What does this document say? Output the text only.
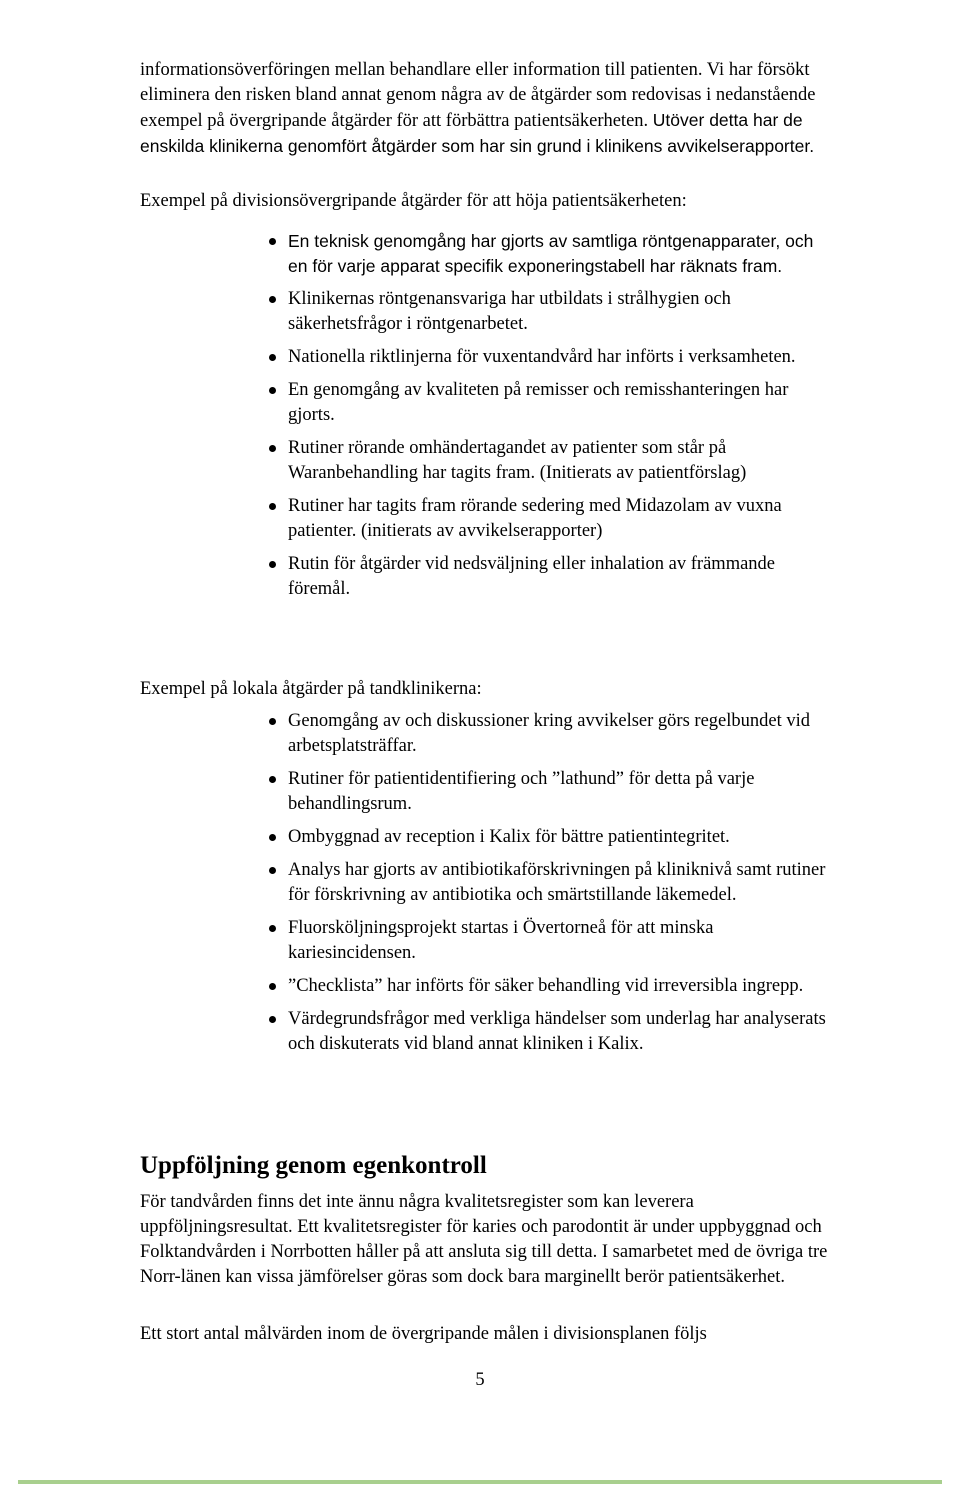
informationsöverföringen mellan behandlare eller information till patienten. Vi har försökt eliminera den risken bland annat genom några av de åtgärder som redovisas i nedanstående exempel på övergripande åtgärder för att förbättra patientsäkerheten. Utöver detta har de enskilda klinikerna genomfört åtgärder som har sin grund i klinikens avvikelserapporter.

Exempel på divisionsövergripande åtgärder för att höja patientsäkerheten:

En teknisk genomgång har gjorts av samtliga röntgenapparater, och en för varje apparat specifik exponeringstabell har räknats fram.
Klinikernas röntgenansvariga har utbildats i strålhygien och säkerhetsfrågor i röntgenarbetet.
Nationella riktlinjerna för vuxentandvård har införts i verksamheten.
En genomgång av kvaliteten på remisser och remisshanteringen har gjorts.
Rutiner rörande omhändertagandet av patienter som står på Waranbehandling har tagits fram. (Initierats av patientförslag)
Rutiner har tagits fram rörande sedering med Midazolam av vuxna patienter. (initierats av avvikelserapporter)
Rutin för åtgärder vid nedsväljning eller inhalation av främmande föremål.

Exempel på lokala åtgärder på tandklinikerna:

Genomgång av och diskussioner kring avvikelser görs regelbundet vid arbetsplatsträffar.
Rutiner för patientidentifiering och ”lathund” för detta på varje behandlingsrum.
Ombyggnad av reception i Kalix för bättre patientintegritet.
Analys har gjorts av antibiotikaförskrivningen på kliniknivå samt rutiner för förskrivning av antibiotika och smärtstillande läkemedel.
Fluorsköljningsprojekt startas i Övertorneå för att minska kariesincidensen.
”Checklista” har införts för säker behandling vid irreversibla ingrepp.
Värdegrundsfrågor med verkliga händelser som underlag har analyserats och diskuterats vid bland annat kliniken i Kalix.
Uppföljning genom egenkontroll

För tandvården finns det inte ännu några kvalitetsregister som kan leverera uppföljningsresultat. Ett kvalitetsregister för karies och parodontit är under uppbyggnad och Folktandvården i Norrbotten håller på att ansluta sig till detta. I samarbetet med de övriga tre Norr-länen kan vissa jämförelser göras som dock bara marginellt berör patientsäkerhet.

Ett stort antal målvärden inom de övergripande målen i divisionsplanen följs

5
